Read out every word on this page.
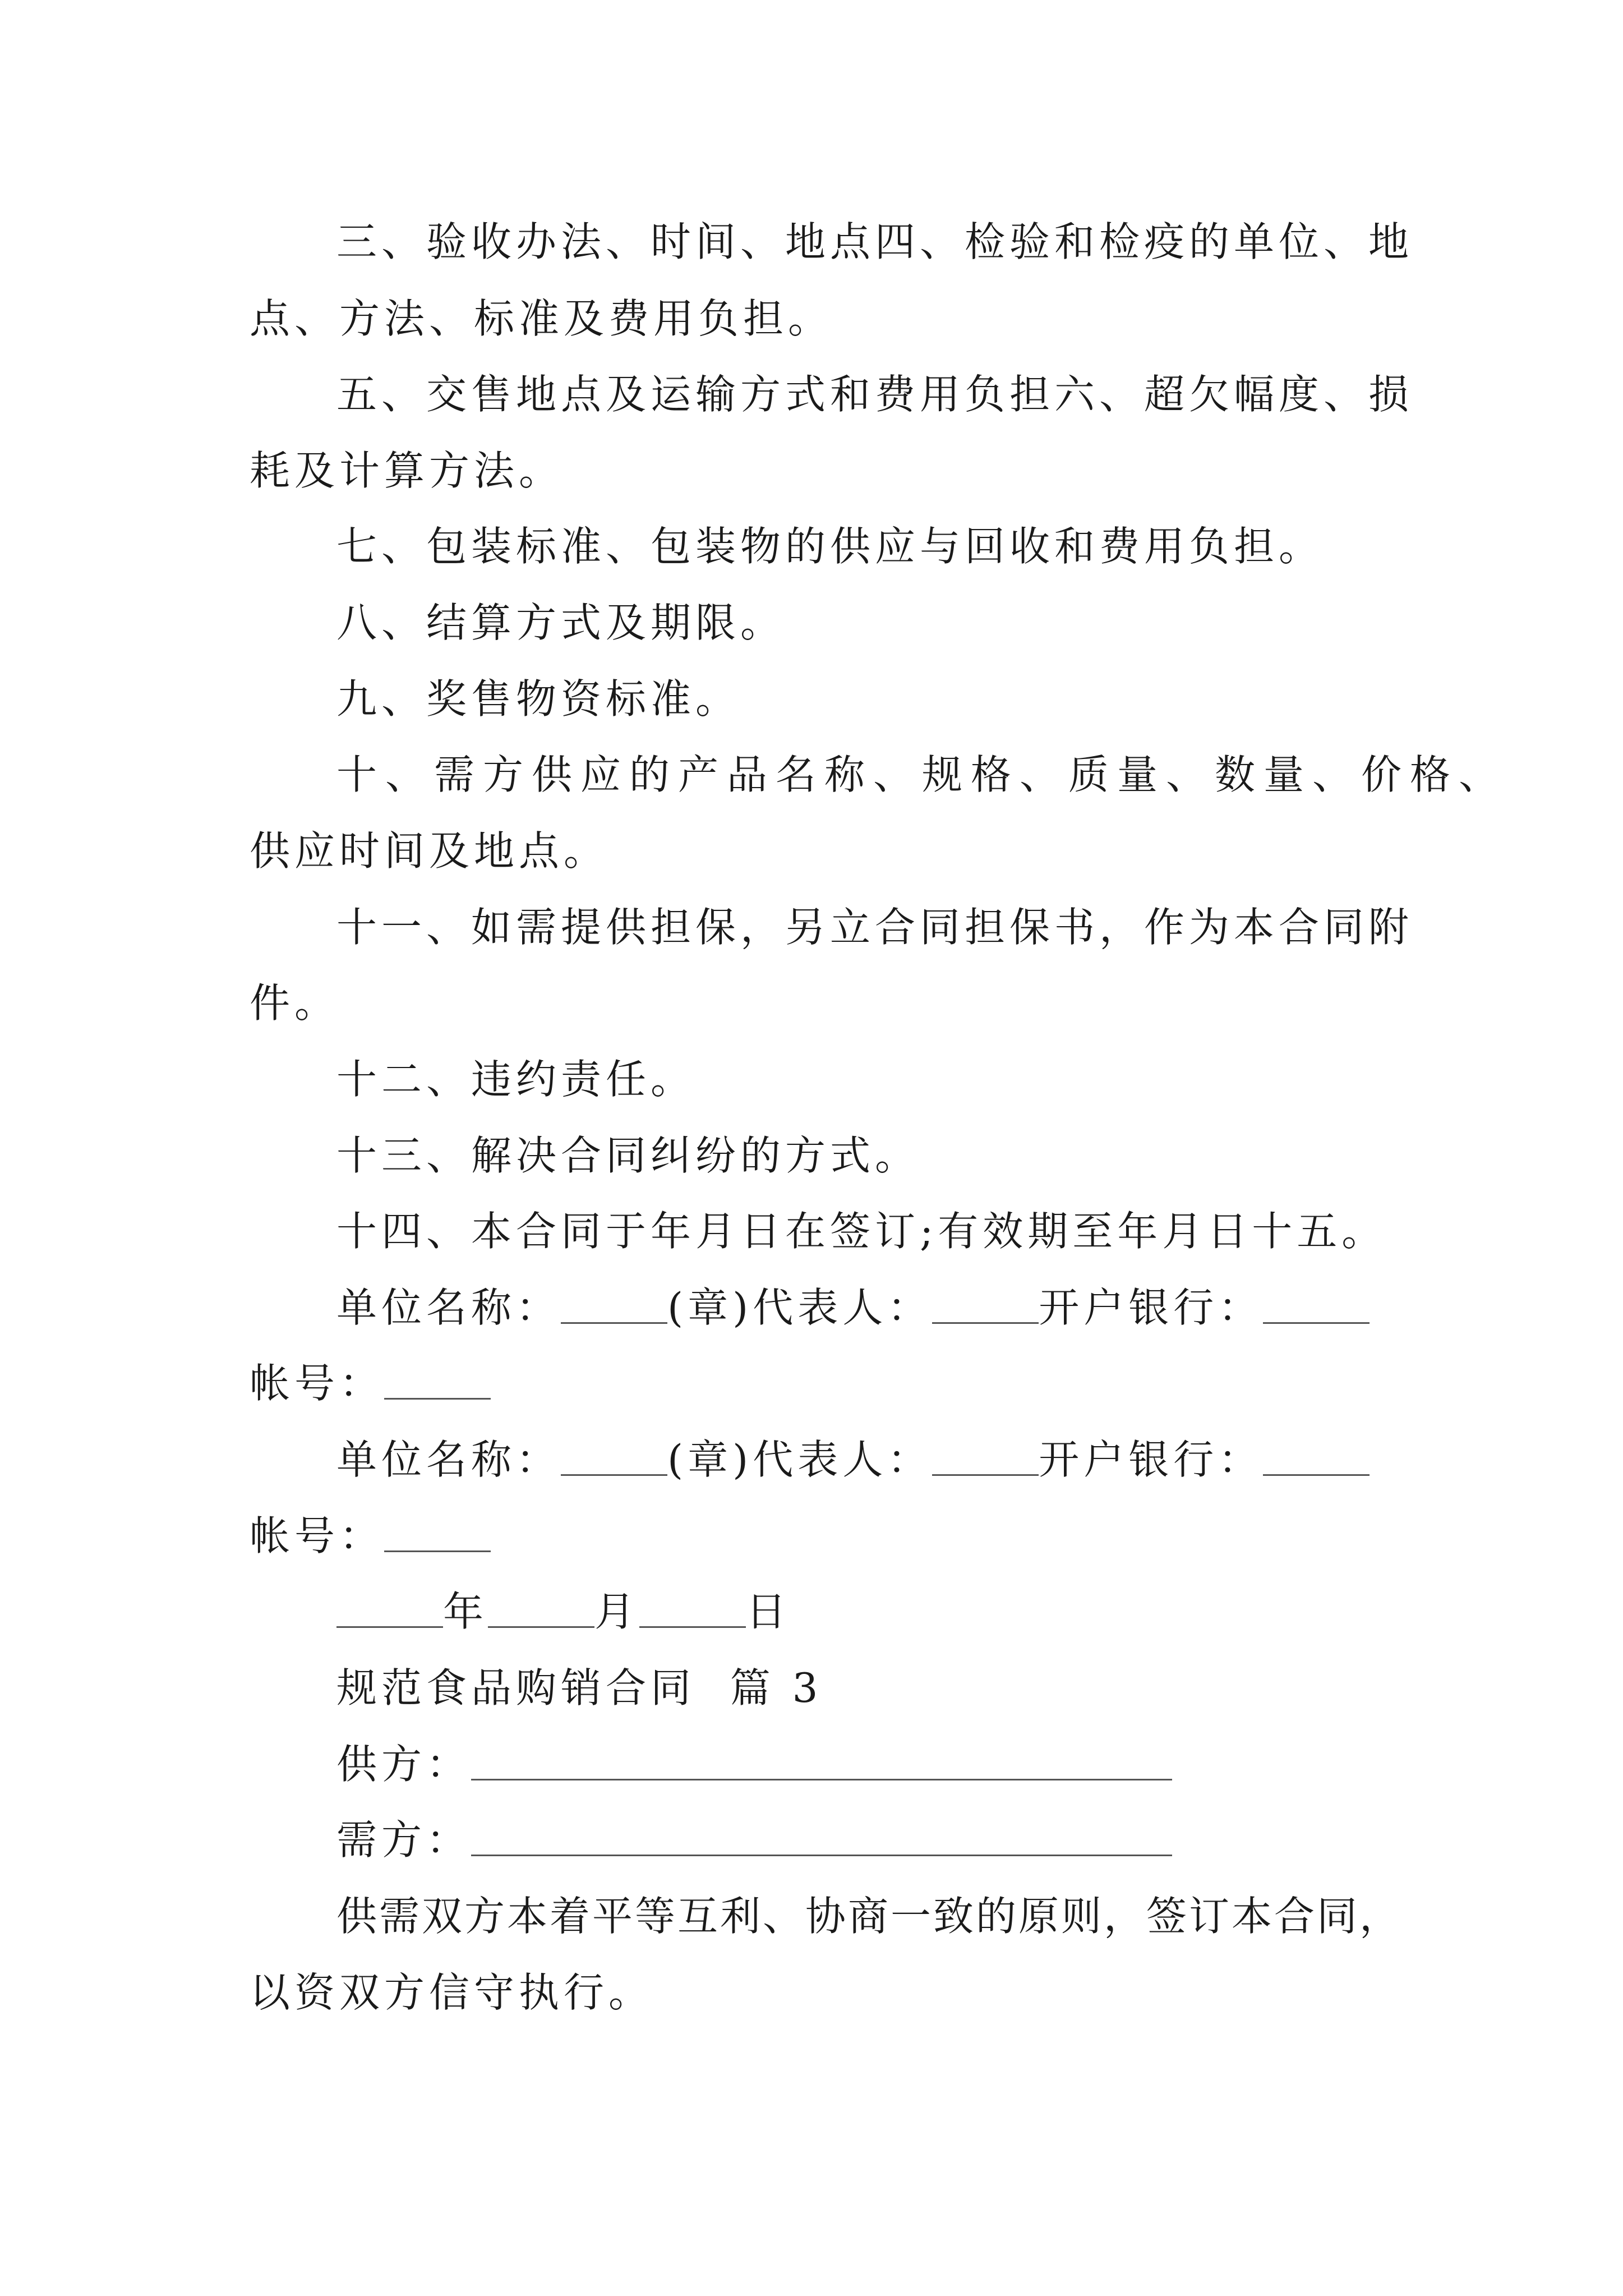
三、验收办法、时间、地点四、检验和检疫的单位、地
点、方法、标准及费用负担。
五、交售地点及运输方式和费用负担六、超欠幅度、损
耗及计算方法。
七、包装标准、包装物的供应与回收和费用负担。
八、结算方式及期限。
九、奖售物资标准。
十、需方供应的产品名称、规格、质量、数量、价格、
供应时间及地点。
十一、如需提供担保，另立合同担保书，作为本合同附
件。
十二、违约责任。
十三、解决合同纠纷的方式。
十四、本合同于年月日在签订;有效期至年月日十五。
单位名称：	(章)代表人：	开户银行：
帐号：
单位名称：	(章)代表人：	开户银行：
帐号：
年	月	日
规范食品购销合同  篇 3
供方：
需方：
供需双方本着平等互利、协商一致的原则，签订本合同，
以资双方信守执行。
